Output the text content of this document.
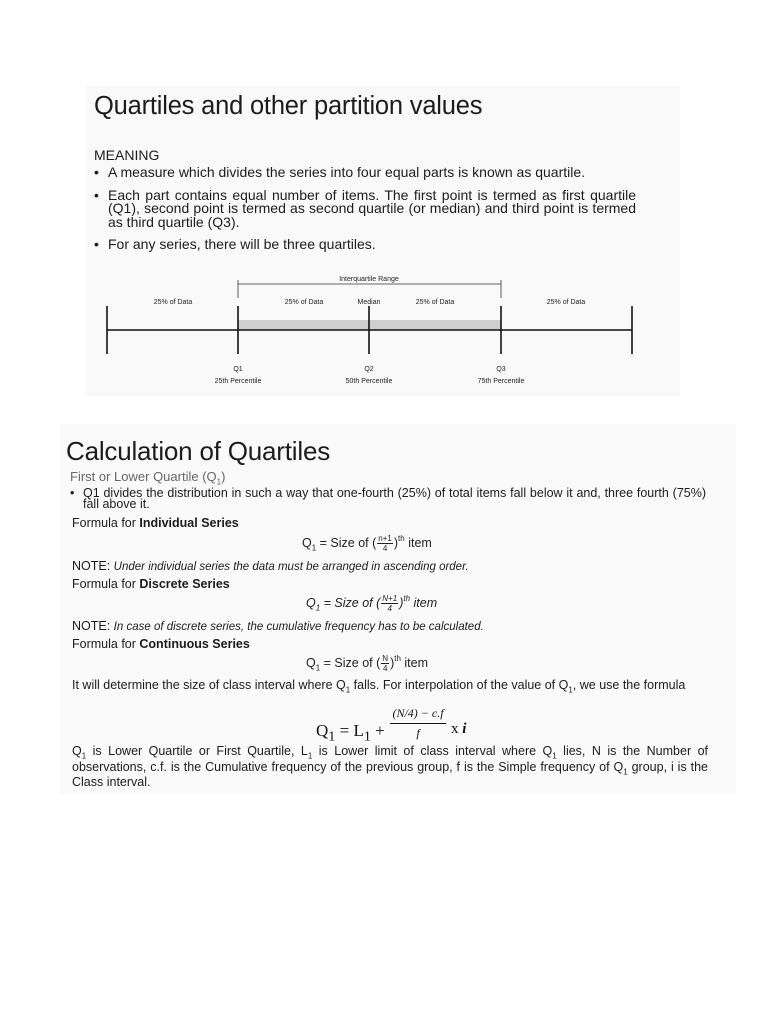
Quartiles and other partition values
MEANING
• A measure which divides the series into four equal parts is known as quartile.
• Each part contains equal number of items. The first point is termed as first quartile (Q1), second point is termed as second quartile (or median) and third point is termed as third quartile (Q3).
• For any series, there will be three quartiles.
Interquartile Range
25% of Data	25% of Data	Median	25% of Data	25% of Data
Q1
25th Percentile
Q2
50th Percentile
Q3
75th Percentile
Calculation of Quartiles
First or Lower Quartile $(Q_1)$
• Q1 divides the distribution in such a way that one-fourth (25%) of total items fall below it and, three fourth (75%) fall above it.
Formula for Individual Series
$Q_1$ = Size of ( $\frac{n+1}{4} )^{th}$ item
NOTE: Under individual series the data must be arranged in ascending order.
Formula for Discrete Series
$Q_1$ = Size of ( $\frac{N+1}{4} )^{th}$ item
NOTE: In case of discrete series, the cumulative frequency has to be calculated.
Formula for Continuous Series
$Q_1$ = Size of ( $\frac{N}{4} )^{th}$ item
It will determine the size of class interval where $Q_1$ falls. For interpolation of the value of $Q_1$, we use the formula
$Q_1 = L_1 + \frac{(N/4) - c.f}{f}$ x i
$Q_1$ is Lower Quartile or First Quartile, $L_1$ is Lower limit of class interval where $Q_1$ lies, N is the Number of observations, c.f. is the Cumulative frequency of the previous group, f is the Simple frequency of $Q_1$ group, i is the Class interval.
